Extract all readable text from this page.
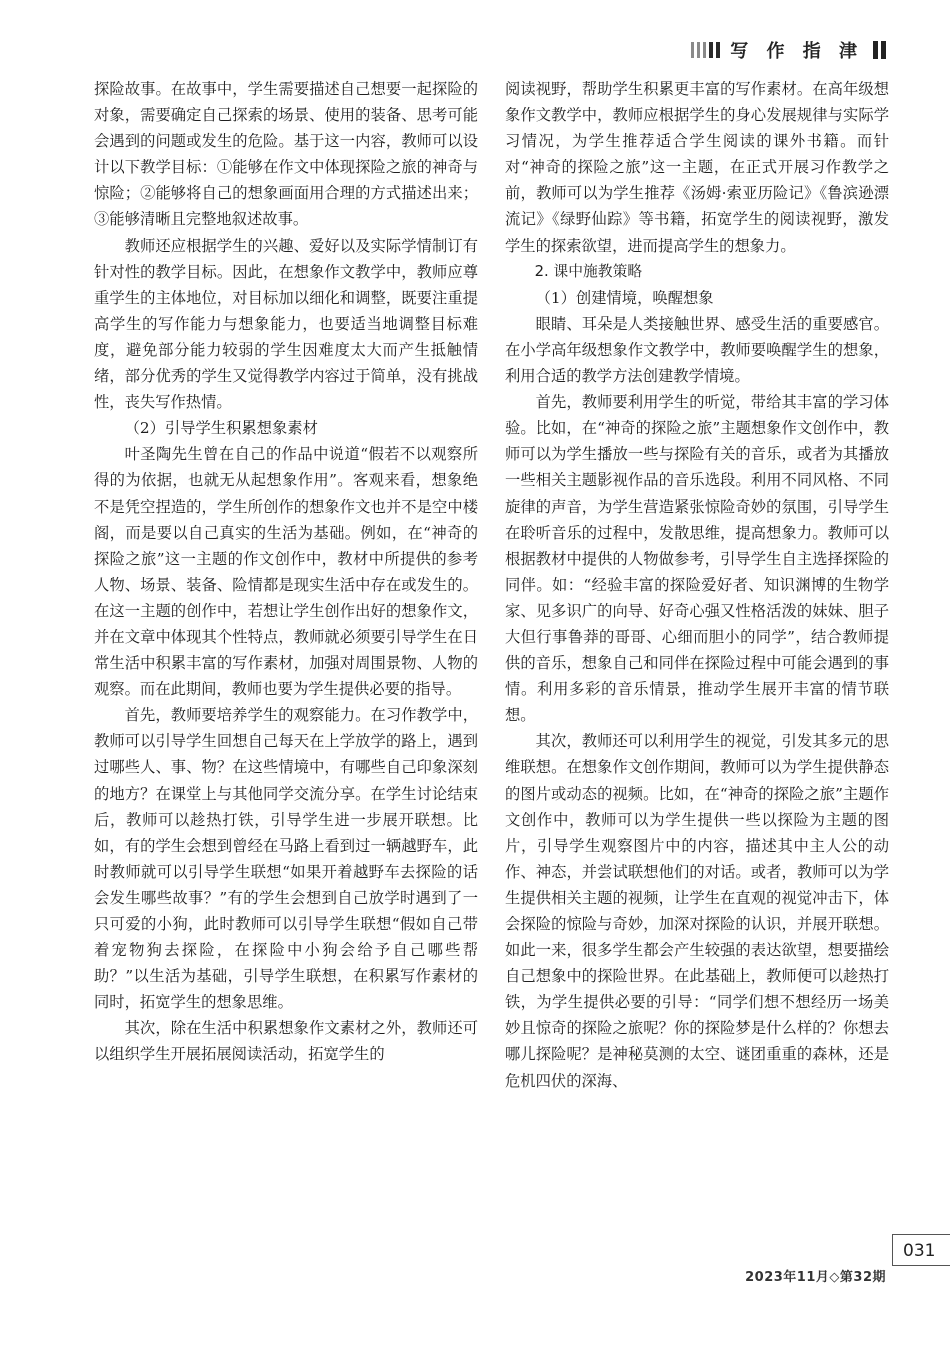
写 作 指 津

探险故事。在故事中，学生需要描述自己想要一起探险的对象，需要确定自己探索的场景、使用的装备、思考可能会遇到的问题或发生的危险。基于这一内容，教师可以设计以下教学目标：①能够在作文中体现探险之旅的神奇与惊险；②能够将自己的想象画面用合理的方式描述出来；③能够清晰且完整地叙述故事。

教师还应根据学生的兴趣、爱好以及实际学情制订有针对性的教学目标。因此，在想象作文教学中，教师应尊重学生的主体地位，对目标加以细化和调整，既要注重提高学生的写作能力与想象能力，也要适当地调整目标难度，避免部分能力较弱的学生因难度太大而产生抵触情绪，部分优秀的学生又觉得教学内容过于简单，没有挑战性，丧失写作热情。

（2）引导学生积累想象素材

叶圣陶先生曾在自己的作品中说道“假若不以观察所得的为依据，也就无从起想象作用”。客观来看，想象绝不是凭空捏造的，学生所创作的想象作文也并不是空中楼阁，而是要以自己真实的生活为基础。例如，在“神奇的探险之旅”这一主题的作文创作中，教材中所提供的参考人物、场景、装备、险情都是现实生活中存在或发生的。在这一主题的创作中，若想让学生创作出好的想象作文，并在文章中体现其个性特点，教师就必须要引导学生在日常生活中积累丰富的写作素材，加强对周围景物、人物的观察。而在此期间，教师也要为学生提供必要的指导。

首先，教师要培养学生的观察能力。在习作教学中，教师可以引导学生回想自己每天在上学放学的路上，遇到过哪些人、事、物？在这些情境中，有哪些自己印象深刻的地方？在课堂上与其他同学交流分享。在学生讨论结束后，教师可以趁热打铁，引导学生进一步展开联想。比如，有的学生会想到曾经在马路上看到过一辆越野车，此时教师就可以引导学生联想“如果开着越野车去探险的话会发生哪些故事？”有的学生会想到自己放学时遇到了一只可爱的小狗，此时教师可以引导学生联想“假如自己带着宠物狗去探险，在探险中小狗会给予自己哪些帮助？”以生活为基础，引导学生联想，在积累写作素材的同时，拓宽学生的想象思维。

其次，除在生活中积累想象作文素材之外，教师还可以组织学生开展拓展阅读活动，拓宽学生的

阅读视野，帮助学生积累更丰富的写作素材。在高年级想象作文教学中，教师应根据学生的身心发展规律与实际学习情况，为学生推荐适合学生阅读的课外书籍。而针对“神奇的探险之旅”这一主题，在正式开展习作教学之前，教师可以为学生推荐《汤姆·索亚历险记》《鲁滨逊漂流记》《绿野仙踪》等书籍，拓宽学生的阅读视野，激发学生的探索欲望，进而提高学生的想象力。

2. 课中施教策略

（1）创建情境，唤醒想象

眼睛、耳朵是人类接触世界、感受生活的重要感官。在小学高年级想象作文教学中，教师要唤醒学生的想象，利用合适的教学方法创建教学情境。

首先，教师要利用学生的听觉，带给其丰富的学习体验。比如，在“神奇的探险之旅”主题想象作文创作中，教师可以为学生播放一些与探险有关的音乐，或者为其播放一些相关主题影视作品的音乐选段。利用不同风格、不同旋律的声音，为学生营造紧张惊险奇妙的氛围，引导学生在聆听音乐的过程中，发散思维，提高想象力。教师可以根据教材中提供的人物做参考，引导学生自主选择探险的同伴。如：“经验丰富的探险爱好者、知识渊博的生物学家、见多识广的向导、好奇心强又性格活泼的妹妹、胆子大但行事鲁莽的哥哥、心细而胆小的同学”，结合教师提供的音乐，想象自己和同伴在探险过程中可能会遇到的事情。利用多彩的音乐情景，推动学生展开丰富的情节联想。

其次，教师还可以利用学生的视觉，引发其多元的思维联想。在想象作文创作期间，教师可以为学生提供静态的图片或动态的视频。比如，在“神奇的探险之旅”主题作文创作中，教师可以为学生提供一些以探险为主题的图片，引导学生观察图片中的内容，描述其中主人公的动作、神态，并尝试联想他们的对话。或者，教师可以为学生提供相关主题的视频，让学生在直观的视觉冲击下，体会探险的惊险与奇妙，加深对探险的认识，并展开联想。如此一来，很多学生都会产生较强的表达欲望，想要描绘自己想象中的探险世界。在此基础上，教师便可以趁热打铁，为学生提供必要的引导：“同学们想不想经历一场美妙且惊奇的探险之旅呢？你的探险梦是什么样的？你想去哪儿探险呢？是神秘莫测的太空、谜团重重的森林，还是危机四伏的深海、

031
2023年11月◇第32期
